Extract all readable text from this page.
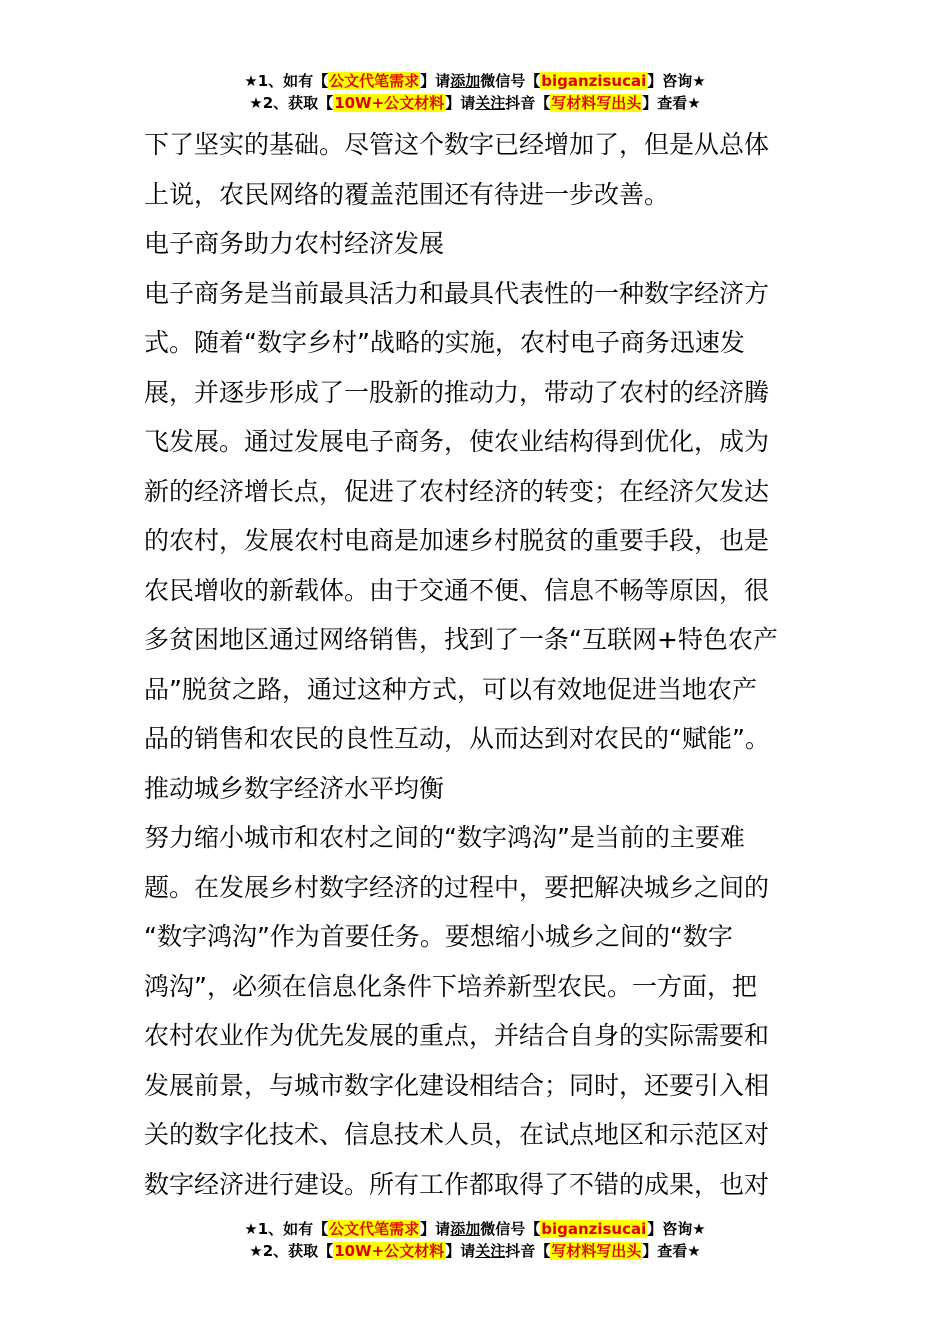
★1、如有【公文代笔需求】请添加微信号【biganzisucai】咨询★
★2、获取【10W+公文材料】请关注抖音【写材料写出头】查看★
下了坚实的基础。尽管这个数字已经增加了，但是从总体
上说，农民网络的覆盖范围还有待进一步改善。
电子商务助力农村经济发展
电子商务是当前最具活力和最具代表性的一种数字经济方
式。随着“数字乡村”战略的实施，农村电子商务迅速发
展，并逐步形成了一股新的推动力，带动了农村的经济腾
飞发展。通过发展电子商务，使农业结构得到优化，成为
新的经济增长点，促进了农村经济的转变；在经济欠发达
的农村，发展农村电商是加速乡村脱贫的重要手段，也是
农民增收的新载体。由于交通不便、信息不畅等原因，很
多贫困地区通过网络销售，找到了一条“互联网+特色农产
品”脱贫之路，通过这种方式，可以有效地促进当地农产
品的销售和农民的良性互动，从而达到对农民的“赋能”。
推动城乡数字经济水平均衡
努力缩小城市和农村之间的“数字鸿沟”是当前的主要难
题。在发展乡村数字经济的过程中，要把解决城乡之间的
“数字鸿沟”作为首要任务。要想缩小城乡之间的“数字
鸿沟”，必须在信息化条件下培养新型农民。一方面，把
农村农业作为优先发展的重点，并结合自身的实际需要和
发展前景，与城市数字化建设相结合；同时，还要引入相
关的数字化技术、信息技术人员，在试点地区和示范区对
数字经济进行建设。所有工作都取得了不错的成果，也对
★1、如有【公文代笔需求】请添加微信号【biganzisucai】咨询★
★2、获取【10W+公文材料】请关注抖音【写材料写出头】查看★
